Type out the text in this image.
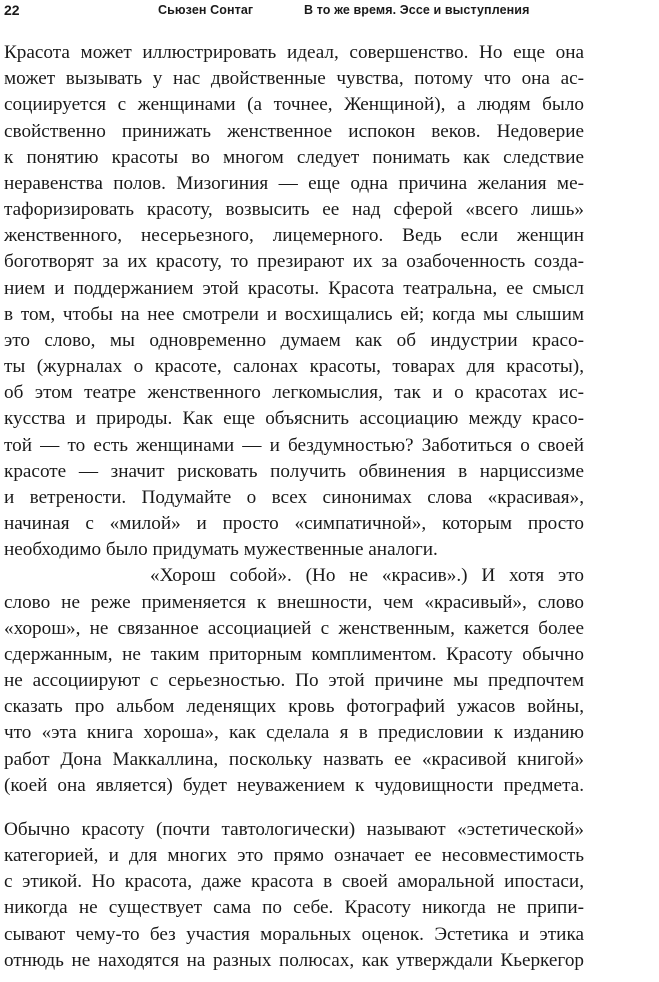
22	Сьюзен Сонтаг	В то же время. Эссе и выступления
Красота может иллюстрировать идеал, совершенство. Но еще она
может вызывать у нас двойственные чувства, потому что она ас-
социируется с женщинами (а точнее, Женщиной), а людям было
свойственно принижать женственное испокон веков. Недоверие
к понятию красоты во многом следует понимать как следствие
неравенства полов. Мизогиния — еще одна причина желания ме-
тафоризировать красоту, возвысить ее над сферой «всего лишь»
женственного, несерьезного, лицемерного. Ведь если женщин
боготворят за их красоту, то презирают их за озабоченность созда-
нием и поддержанием этой красоты. Красота театральна, ее смысл
в том, чтобы на нее смотрели и восхищались ей; когда мы слышим
это слово, мы одновременно думаем как об индустрии красо-
ты (журналах о красоте, салонах красоты, товарах для красоты),
об этом театре женственного легкомыслия, так и о красотах ис-
кусства и природы. Как еще объяснить ассоциацию между красо-
той — то есть женщинами — и бездумностью? Заботиться о своей
красоте — значит рисковать получить обвинения в нарциссизме
и ветрености. Подумайте о всех синонимах слова «красивая»,
начиная с «милой» и просто «симпатичной», которым просто
необходимо было придумать мужественные аналоги.
«Хорош собой». (Но не «красив».) И хотя это
слово не реже применяется к внешности, чем «красивый», слово
«хорош», не связанное ассоциацией с женственным, кажется более
сдержанным, не таким приторным комплиментом. Красоту обычно
не ассоциируют с серьезностью. По этой причине мы предпочтем
сказать про альбом леденящих кровь фотографий ужасов войны,
что «эта книга хороша», как сделала я в предисловии к изданию
работ Дона Маккаллина, поскольку назвать ее «красивой книгой»
(коей она является) будет неуважением к чудовищности предмета.
Обычно красоту (почти тавтологически) называют «эстетической»
категорией, и для многих это прямо означает ее несовместимость
с этикой. Но красота, даже красота в своей аморальной ипостаси,
никогда не существует сама по себе. Красоту никогда не припи-
сывают чему-то без участия моральных оценок. Эстетика и этика
отнюдь не находятся на разных полюсах, как утверждали Кьеркегор
